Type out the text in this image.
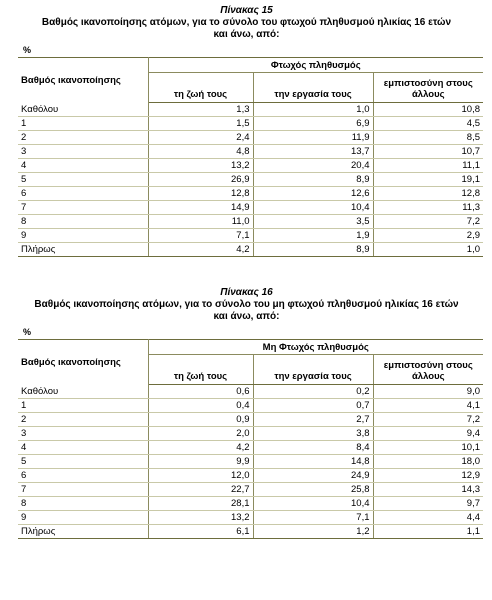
Πίνακας 15
Βαθμός ικανοποίησης ατόμων, για το σύνολο του φτωχού πληθυσμού ηλικίας 16 ετών
και άνω, από:
%
Βαθμός ικανοποίησης	Φτωχός πληθυσμός		
	τη ζωή τους	την εργασία τους	εμπιστοσύνη στους άλλους
Καθόλου	1,3	1,0	10,8
1	1,5	6,9	4,5
2	2,4	11,9	8,5
3	4,8	13,7	10,7
4	13,2	20,4	11,1
5	26,9	8,9	19,1
6	12,8	12,6	12,8
7	14,9	10,4	11,3
8	11,0	3,5	7,2
9	7,1	1,9	2,9
Πλήρως	4,2	8,9	1,0
Πίνακας 16
Βαθμός ικανοποίησης ατόμων, για το σύνολο του μη φτωχού πληθυσμού ηλικίας 16 ετών
και άνω, από:
%
Βαθμός ικανοποίησης	Μη Φτωχός πληθυσμός		
	τη ζωή τους	την εργασία τους	εμπιστοσύνη στους άλλους
Καθόλου	0,6	0,2	9,0
1	0,4	0,7	4,1
2	0,9	2,7	7,2
3	2,0	3,8	9,4
4	4,2	8,4	10,1
5	9,9	14,8	18,0
6	12,0	24,9	12,9
7	22,7	25,8	14,3
8	28,1	10,4	9,7
9	13,2	7,1	4,4
Πλήρως	6,1	1,2	1,1
